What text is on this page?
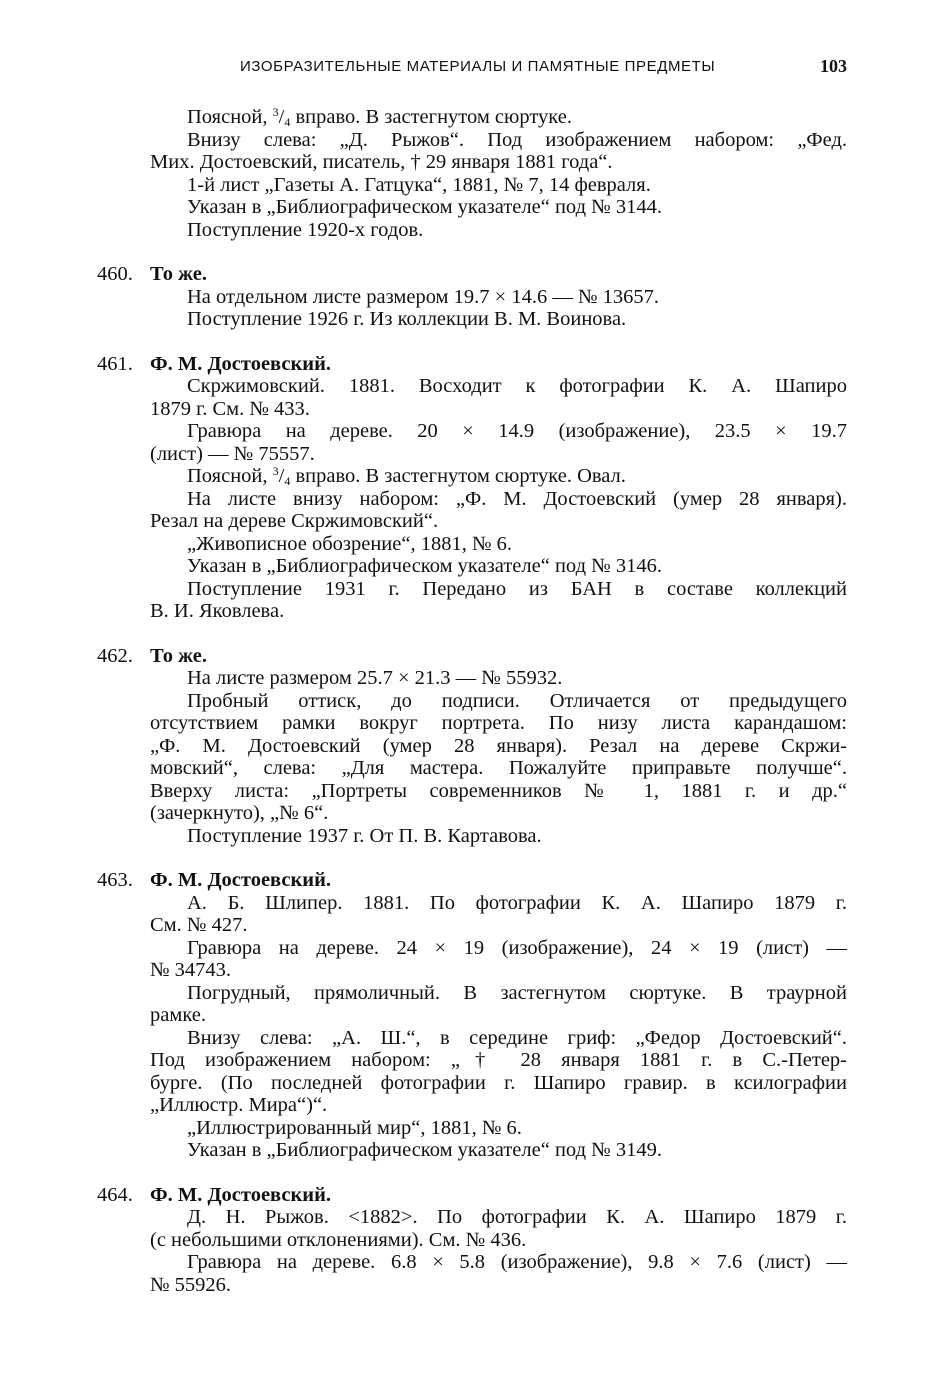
ИЗОБРАЗИТЕЛЬНЫЕ МАТЕРИАЛЫ И ПАМЯТНЫЕ ПРЕДМЕТЫ	103
Поясной, $^3/_4$ вправо. В застегнутом сюртуке.
Внизу слева: „Д. Рыжов“. Под изображением набором: „Фед.
Мих. Достоевский, писатель, † 29 января 1881 года“.
1-й лист „Газеты А. Гатцука“, 1881, № 7, 14 февраля.
Указан в „Библиографическом указателе“ под № 3144.
Поступление 1920-х годов.
460. То же.
На отдельном листе размером 19.7 × 14.6 — № 13657.
Поступление 1926 г. Из коллекции В. М. Воинова.
461. Ф. М. Достоевский.
Скржимовский. 1881. Восходит к фотографии К. А. Шапиро
1879 г. См. № 433.
Гравюра на дереве. 20 × 14.9 (изображение), 23.5 × 19.7
(лист) — № 75557.
Поясной, $^3/_4$ вправо. В застегнутом сюртуке. Овал.
На листе внизу набором: „Ф. М. Достоевский (умер 28 января).
Резал на дереве Скржимовский“.
„Живописное обозрение“, 1881, № 6.
Указан в „Библиографическом указателе“ под № 3146.
Поступление 1931 г. Передано из БАН в составе коллекций
В. И. Яковлева.
462. То же.
На листе размером 25.7 × 21.3 — № 55932.
Пробный оттиск, до подписи. Отличается от предыдущего
отсутствием рамки вокруг портрета. По низу листа карандашом:
„Ф. М. Достоевский (умер 28 января). Резал на дереве Скржи-
мовский“, слева: „Для мастера. Пожалуйте приправьте получше“.
Вверху листа: „Портреты современников № 1, 1881 г. и др.“
(зачеркнуто), „№ 6“.
Поступление 1937 г. От П. В. Картавова.
463. Ф. М. Достоевский.
А. Б. Шлипер. 1881. По фотографии К. А. Шапиро 1879 г.
См. № 427.
Гравюра на дереве. 24 × 19 (изображение), 24 × 19 (лист) —
№ 34743.
Погрудный, прямоличный. В застегнутом сюртуке. В траурной
рамке.
Внизу слева: „А. Ш.“, в середине гриф: „Федор Достоевский“.
Под изображением набором: „† 28 января 1881 г. в С.-Петер-
бурге. (По последней фотографии г. Шапиро гравир. в ксилографии
„Иллюстр. Мира“)“.
„Иллюстрированный мир“, 1881, № 6.
Указан в „Библиографическом указателе“ под № 3149.
464. Ф. М. Достоевский.
Д. Н. Рыжов. <1882>. По фотографии К. А. Шапиро 1879 г.
(с небольшими отклонениями). См. № 436.
Гравюра на дереве. 6.8 × 5.8 (изображение), 9.8 × 7.6 (лист) —
№ 55926.
